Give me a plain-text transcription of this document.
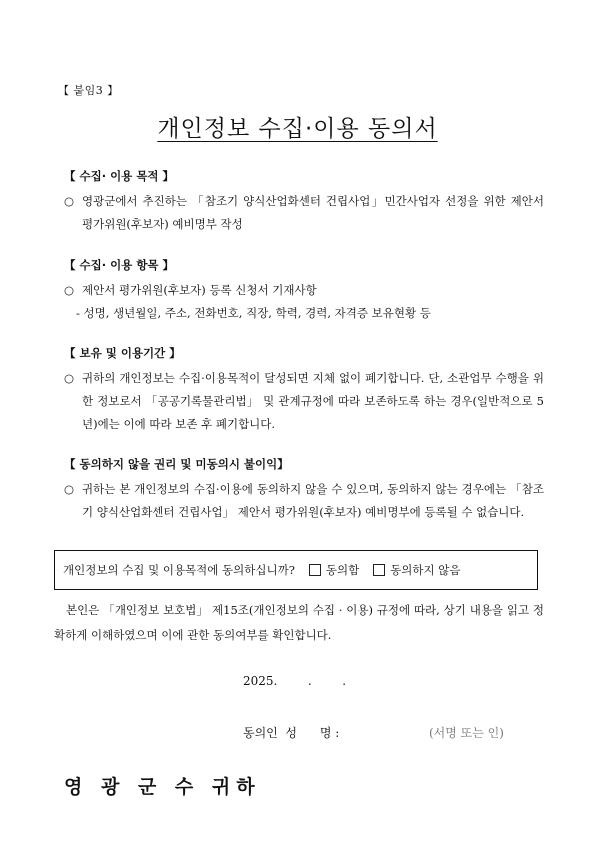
【 붙임3 】
개인정보 수집·이용 동의서
【 수집· 이용 목적 】
○ 영광군에서 추진하는 「참조기 양식산업화센터 건립사업」민간사업자 선정을 위한 제안서 평가위원(후보자) 예비명부 작성
【 수집· 이용 항목 】
○ 제안서 평가위원(후보자) 등록 신청서 기재사항
- 성명, 생년월일, 주소, 전화번호, 직장, 학력, 경력, 자격증 보유현황 등
【 보유 및 이용기간 】
○ 귀하의 개인정보는 수집·이용목적이 달성되면 지체 없이 폐기합니다. 단, 소관업무 수행을 위한 정보로서 「공공기록물관리법」 및 관계규정에 따라 보존하도록 하는 경우(일반적으로 5년)에는 이에 따라 보존 후 폐기합니다.
【 동의하지 않을 권리 및 미동의시 불이익】
○ 귀하는 본 개인정보의 수집·이용에 동의하지 않을 수 있으며, 동의하지 않는 경우에는 「참조기 양식산업화센터 건립사업」 제안서 평가위원(후보자) 예비명부에 등록될 수 없습니다.
개인정보의 수집 및 이용목적에 동의하십니까?	동의함	동의하지 않음
본인은 「개인정보 보호법」 제15조(개인정보의 수집 · 이용) 규정에 따라, 상기 내용을 읽고 정확하게 이해하였으며 이에 관한 동의여부를 확인합니다.
2025.        .        .
동의인  성      명 :	(서명 또는 인)
영 광 군 수 귀하
